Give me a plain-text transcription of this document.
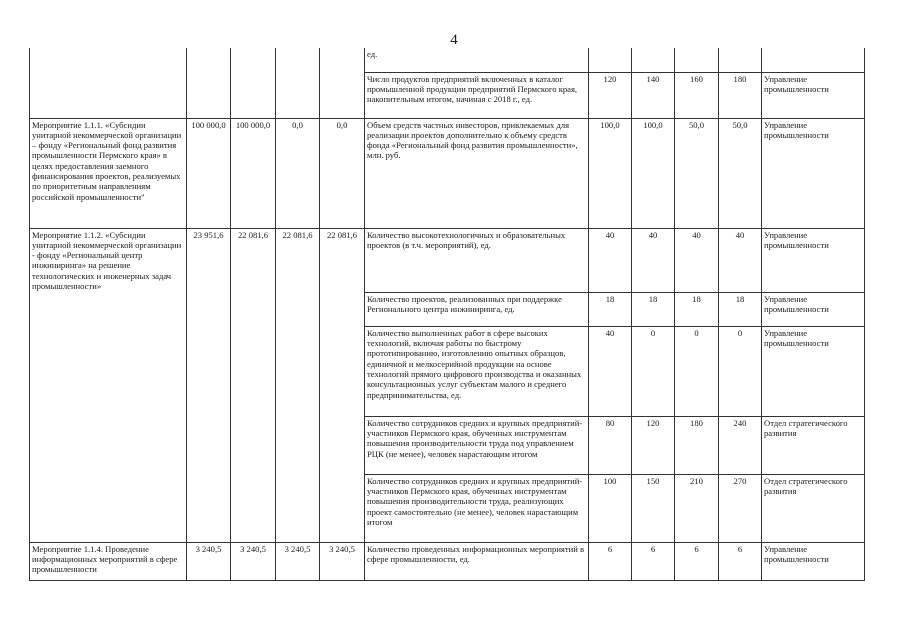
4
					ед.					
					Число продуктов предприятий включенных в каталог промышленной продукции предприятий Пермского края, накопительным итогом, начиная с 2018 г., ед.	120	140	160	180	Управление промышленности
Мероприятие 1.1.1. «Субсидии унитарной некоммерческой организации – фонду «Региональный фонд развития промышленности Пермского края» в целях предоставления заемного финансирования проектов, реализуемых по приоритетным направлениям российской промышленности"	100 000,0	100 000,0	0,0	0,0	Объем средств частных инвесторов, привлекаемых для реализации проектов дополнительно к объему средств фонда «Региональный фонд развития промышленности», млн. руб.	100,0	100,0	50,0	50,0	Управление промышленности
Мероприятие 1.1.2. «Субсидии унитарной некоммерческой организации - фонду «Региональный центр инжиниринга» на решение технологических и инженерных задач промышленности»	23 951,6	22 081,6	22 081,6	22 081,6	Количество высокотехнологичных и образовательных проектов (в т.ч. мероприятий), ед.	40	40	40	40	Управление промышленности
					Количество проектов, реализованных при поддержке Регионального центра инжиниринга, ед.	18	18	18	18	Управление промышленности
					Количество выполненных работ в сфере высоких технологий, включая работы по быстрому прототипированию, изготовлению опытных образцов, единичной и мелкосерийной продукции на основе технологий прямого цифрового производства и оказанных консультационных услуг субъектам малого и среднего предпринимательства, ед.	40	0	0	0	Управление промышленности
					Количество сотрудников средних и крупных предприятий-участников Пермского края, обученных инструментам повышения производительности труда под управлением РЦК (не менее), человек нарастающим итогом	80	120	180	240	Отдел стратегического развития
					Количество сотрудников средних и крупных предприятий-участников Пермского края, обученных инструментам повышения производительности труда, реализующих проект самостоятельно (не менее), человек нарастающим итогом	100	150	210	270	Отдел стратегического развития
Мероприятие 1.1.4. Проведение информационных мероприятий в сфере промышленности	3 240,5	3 240,5	3 240,5	3 240,5	Количество проведенных информационных мероприятий в сфере промышленности, ед.	6	6	6	6	Управление промышленности
